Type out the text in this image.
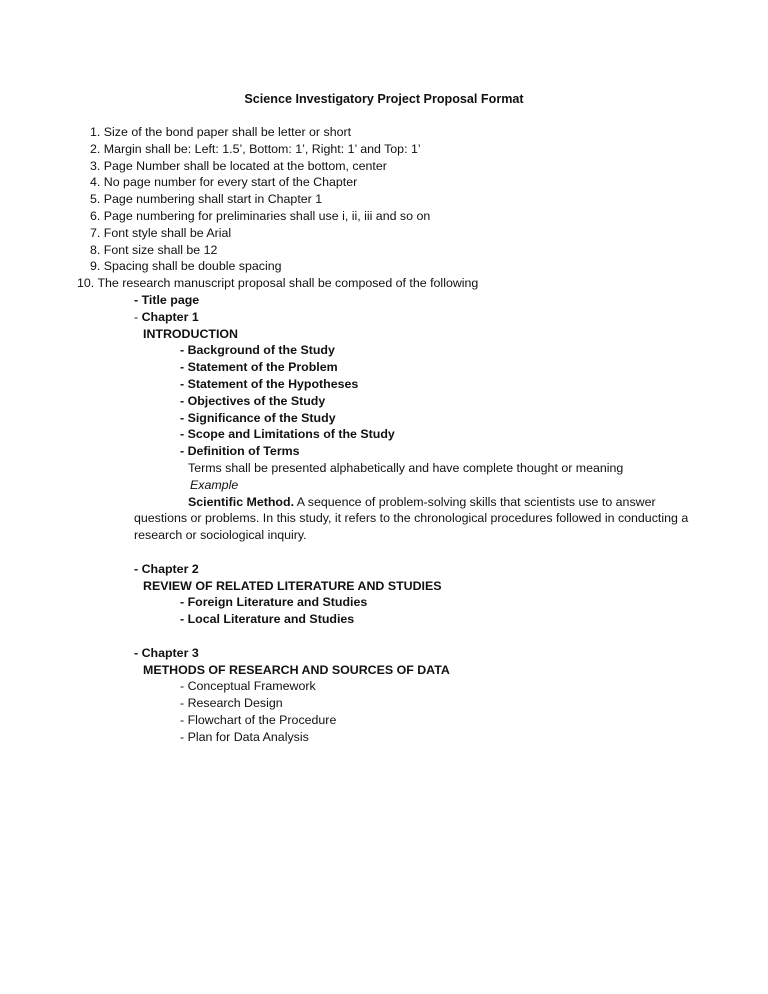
Science Investigatory Project Proposal Format
1. Size of the bond paper shall be letter or short
2. Margin shall be: Left: 1.5’, Bottom: 1’, Right: 1’ and Top: 1’
3. Page Number shall be located at the bottom, center
4. No page number for every start of the Chapter
5. Page numbering shall start in Chapter 1
6. Page numbering for preliminaries shall use i, ii, iii and so on
7. Font style shall be Arial
8. Font size shall be 12
9. Spacing shall be double spacing
10. The research manuscript proposal shall be composed of the following
- Title page
- Chapter 1
INTRODUCTION
- Background of the Study
- Statement of the Problem
- Statement of the Hypotheses
- Objectives of the Study
- Significance of the Study
- Scope and Limitations of the Study
- Definition of Terms
Terms shall be presented alphabetically and have complete thought or meaning
Example
Scientific Method. A sequence of problem-solving skills that scientists use to answer questions or problems. In this study, it refers to the chronological procedures followed in conducting a research or sociological inquiry.
- Chapter 2
REVIEW OF RELATED LITERATURE AND STUDIES
- Foreign Literature and Studies
- Local Literature and Studies
- Chapter 3
METHODS OF RESEARCH AND SOURCES OF DATA
- Conceptual Framework
- Research Design
- Flowchart of the Procedure
- Plan for Data Analysis
